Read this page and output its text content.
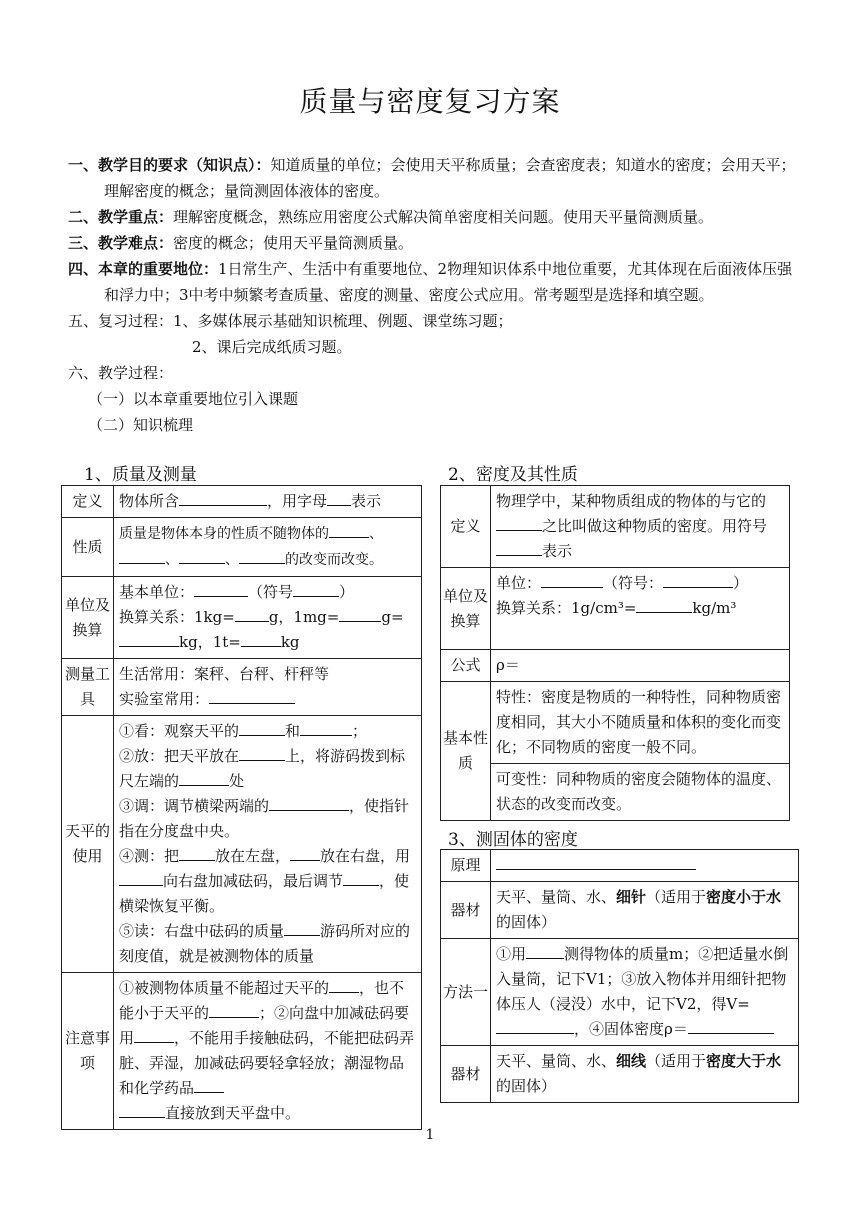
质量与密度复习方案

一、教学目的要求（知识点）：知道质量的单位；会使用天平称质量；会查密度表；知道水的密度；会用天平；理解密度的概念；量筒测固体液体的密度。

二、教学重点：理解密度概念，熟练应用密度公式解决简单密度相关问题。使用天平量筒测质量。

三、教学难点：密度的概念；使用天平量筒测质量。

四、本章的重要地位：1日常生产、生活中有重要地位、2物理知识体系中地位重要，尤其体现在后面液体压强和浮力中；3中考中频繁考查质量、密度的测量、密度公式应用。常考题型是选择和填空题。

五、复习过程：1、多媒体展示基础知识梳理、例题、课堂练习题；

2、课后完成纸质习题。

六、教学过程：

（一）以本章重要地位引入课题

（二）知识梳理

1、质量及测量
定义	物体所含 ，用字母 表示
性质	质量是物体本身的性质不随物体的 、
、 、 的改变而改变。
单位及换算	基本单位： （符号 ）
换算关系：1kg= g，1mg= g=
kg，1t= kg
测量工具	生活常用：案秤、台秤、杆秤等
实验室常用：
天平的使用	①看：观察天平的 和 ；
②放：把天平放在 上，将游码拨到标尺左端的 处
③调：调节横梁两端的 ，使指针指在分度盘中央。
④测：把 放在左盘， 放在右盘，用向右盘加减砝码，最后调节 ，使横梁恢复平衡。
⑤读：右盘中砝码的质量 游码所对应的刻度值，就是被测物体的质量
注意事项	①被测物体质量不能超过天平的 ，也不能小于天平的 ；②向盘中加减砝码要用 ，不能用手接触砝码，不能把砝码弄脏、弄湿，加减砝码要轻拿轻放；潮湿物品和化学药品
直接放到天平盘中。
2、密度及其性质
定义	物理学中，某种物质组成的物体的与它的之比叫做这种物质的密度。用符号表示
单位及换算	单位： （符号： ）
换算关系：1g/cm³= kg/m³

公式	ρ＝
基本性质	特性：密度是物质的一种特性，同种物质密度相同，其大小不随质量和体积的变化而变化；不同物质的密度一般不同。
	可变性：同种物质的密度会随物体的温度、状态的改变而改变。
3、测固体的密度
原理	
器材	天平、量筒、水、细针（适用于密度小于水的固体）
方法一	①用 测得物体的质量m；②把适量水倒入量筒，记下V1；③放入物体并用细针把物体压人（浸没）水中，记下V2，得V=，④固体密度ρ＝
器材	天平、量筒、水、细线（适用于密度大于水的固体）
1
